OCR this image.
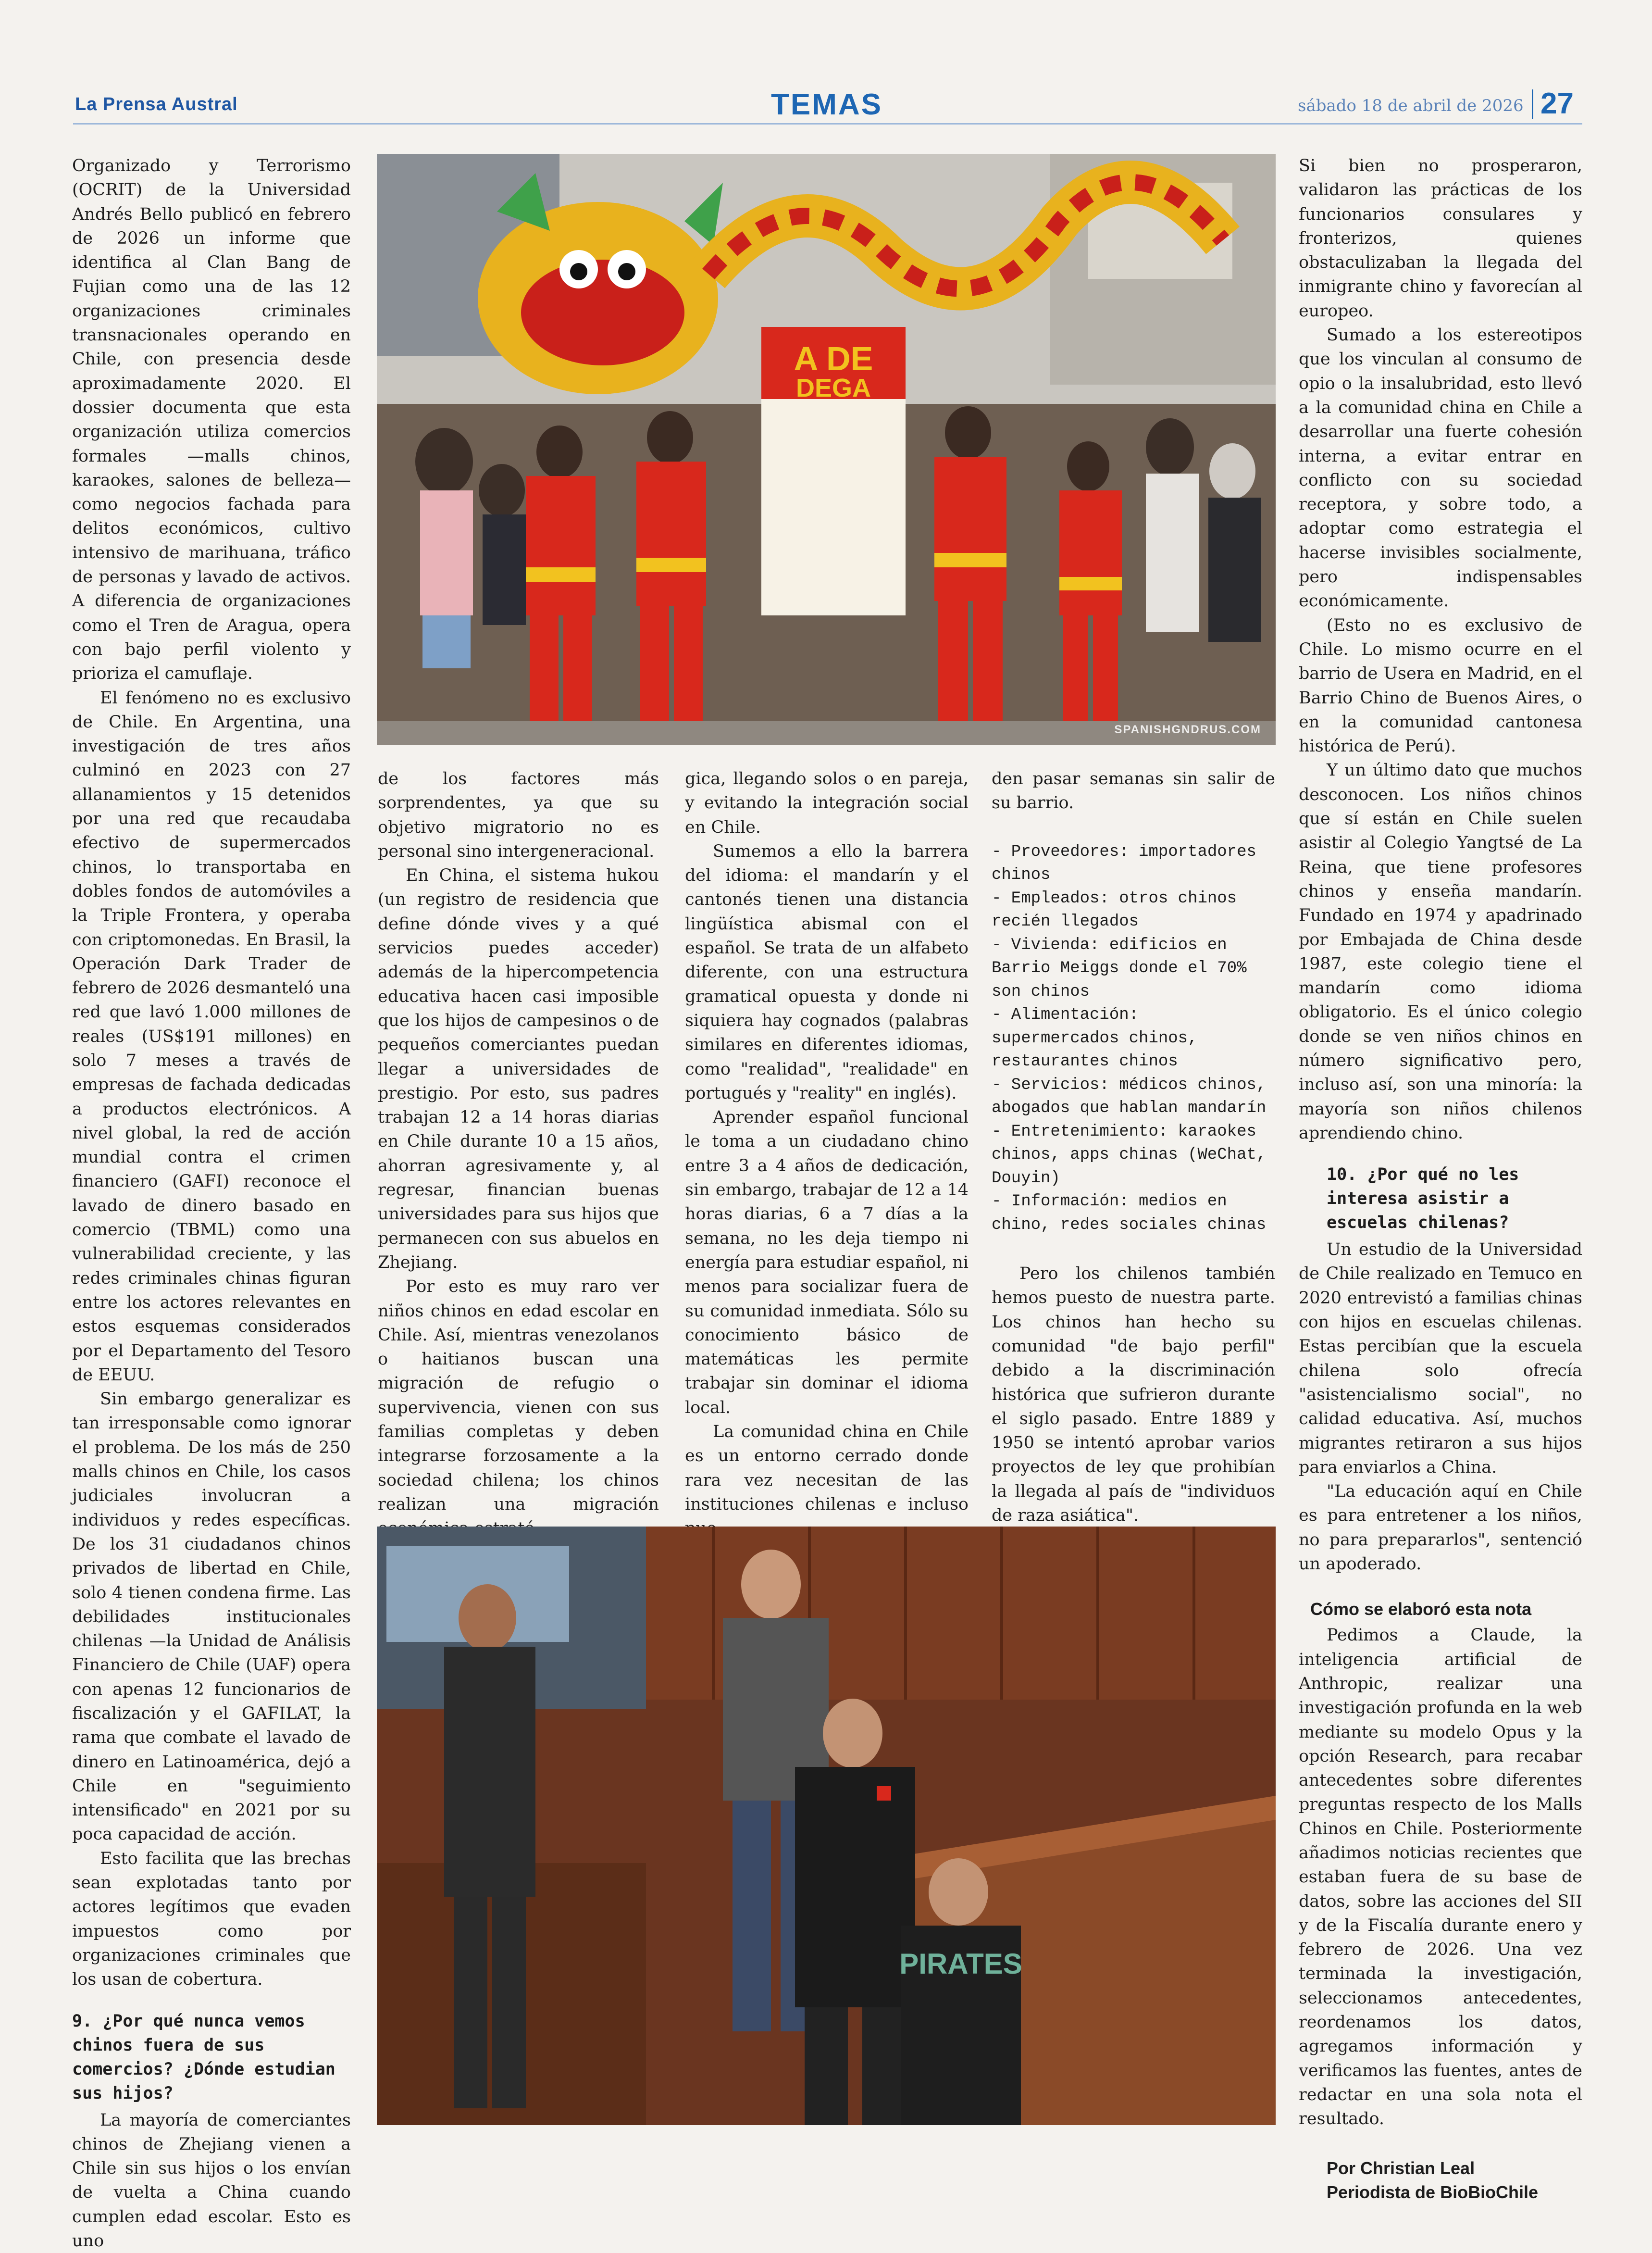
La Prensa Austral	TEMAS	sábado 18 de abril de 2026 27

Organizado y Terrorismo (OCRIT) de la Universidad Andrés Bello publicó en febrero de 2026 un informe que identifica al Clan Bang de Fujian como una de las 12 organizaciones criminales transnacionales operando en Chile, con presencia desde aproximadamente 2020. El dossier documenta que esta organización utiliza comercios formales —malls chinos, karaokes, salones de belleza— como negocios fachada para delitos económicos, cultivo intensivo de marihuana, tráfico de personas y lavado de activos. A diferencia de organizaciones como el Tren de Aragua, opera con bajo perfil violento y prioriza el camuflaje.

El fenómeno no es exclusivo de Chile. En Argentina, una investigación de tres años culminó en 2023 con 27 allanamientos y 15 detenidos por una red que recaudaba efectivo de supermercados chinos, lo transportaba en dobles fondos de automóviles a la Triple Frontera, y operaba con criptomonedas. En Brasil, la Operación Dark Trader de febrero de 2026 desmanteló una red que lavó 1.000 millones de reales (US$191 millones) en solo 7 meses a través de empresas de fachada dedicadas a productos electrónicos. A nivel global, la red de acción mundial contra el crimen financiero (GAFI) reconoce el lavado de dinero basado en comercio (TBML) como una vulnerabilidad creciente, y las redes criminales chinas figuran entre los actores relevantes en estos esquemas considerados por el Departamento del Tesoro de EEUU.

Sin embargo generalizar es tan irresponsable como ignorar el problema. De los más de 250 malls chinos en Chile, los casos judiciales involucran a individuos y redes específicas. De los 31 ciudadanos chinos privados de libertad en Chile, solo 4 tienen condena firme. Las debilidades institucionales chilenas —la Unidad de Análisis Financiero de Chile (UAF) opera con apenas 12 funcionarios de fiscalización y el GAFILAT, la rama que combate el lavado de dinero en Latinoamérica, dejó a Chile en "seguimiento intensificado" en 2021 por su poca capacidad de acción.

Esto facilita que las brechas sean explotadas tanto por actores legítimos que evaden impuestos como por organizaciones criminales que los usan de cobertura.

9. ¿Por qué nunca vemos chinos fuera de sus comercios? ¿Dónde estudian sus hijos?

La mayoría de comerciantes chinos de Zhejiang vienen a Chile sin sus hijos o los envían de vuelta a China cuando cumplen edad escolar. Esto es uno

A DE
DEGA
SPANISHGNDRUS.COM

de los factores más sorprendentes, ya que su objetivo migratorio no es personal sino intergeneracional.

En China, el sistema hukou (un registro de residencia que define dónde vives y a qué servicios puedes acceder) además de la hipercompetencia educativa hacen casi imposible que los hijos de campesinos o de pequeños comerciantes puedan llegar a universidades de prestigio. Por esto, sus padres trabajan 12 a 14 horas diarias en Chile durante 10 a 15 años, ahorran agresivamente y, al regresar, financian buenas universidades para sus hijos que permanecen con sus abuelos en Zhejiang.

Por esto es muy raro ver niños chinos en edad escolar en Chile. Así, mientras venezolanos o haitianos buscan una migración de refugio o supervivencia, vienen con sus familias completas y deben integrarse forzosamente a la sociedad chilena; los chinos realizan una migración

gica, llegando solos o en pareja, y evitando la integración social en Chile.

Sumemos a ello la barrera del idioma: el mandarín y el cantonés tienen una distancia lingüística abismal con el español. Se trata de un alfabeto diferente, con una estructura gramatical opuesta y donde ni siquiera hay cognados (palabras similares en diferentes idiomas, como "realidad", "realidade" en portugués y "reality" en inglés).

Aprender español funcional le toma a un ciudadano chino entre 3 a 4 años de dedicación, sin embargo, trabajar de 12 a 14 horas diarias, 6 a 7 días a la semana, no les deja tiempo ni energía para estudiar español, ni menos para socializar fuera de su comunidad inmediata. Sólo su conocimiento básico de matemáticas les permite trabajar sin dominar el idioma local.

La comunidad china en Chile es un entorno cerrado donde rara vez necesitan de las instituciones chilenas e incluso

den pasar semanas sin salir de su barrio.

- Proveedores: importadores chinos

- Empleados: otros chinos recién llegados

- Vivienda: edificios en Barrio Meiggs donde el 70% son chinos

- Alimentación: supermercados chinos, restaurantes chinos

- Servicios: médicos chinos, abogados que hablan mandarín

- Entretenimiento: karaokes chinos, apps chinas (WeChat, Douyin)

- Información: medios en chino, redes sociales chinas

Pero los chilenos también hemos puesto de nuestra parte. Los chinos han hecho su comunidad "de bajo perfil" debido a la discriminación histórica que sufrieron durante el siglo pasado. Entre 1889 y 1950 se intentó aprobar varios proyectos de ley que prohibían la llegada al país de "individuos de raza asiática".

Si bien no prosperaron, validaron las prácticas de los funcionarios consulares y fronterizos, quienes obstaculizaban la llegada del inmigrante chino y favorecían al europeo.

Sumado a los estereotipos que los vinculan al consumo de opio o la insalubridad, esto llevó a la comunidad china en Chile a desarrollar una fuerte cohesión interna, a evitar entrar en conflicto con su sociedad receptora, y sobre todo, a adoptar como estrategia el hacerse invisibles socialmente, pero indispensables económicamente.

(Esto no es exclusivo de Chile. Lo mismo ocurre en el barrio de Usera en Madrid, en el Barrio Chino de Buenos Aires, o en la comunidad cantonesa histórica de Perú).

Y un último dato que muchos desconocen. Los niños chinos que sí están en Chile suelen asistir al Colegio Yangtsé de La Reina, que tiene profesores chinos y enseña mandarín. Fundado en 1974 y apadrinado por Embajada de China desde 1987, este colegio tiene el mandarín como idioma obligatorio. Es el único colegio donde se ven niños chinos en número significativo pero, incluso así, son una minoría: la mayoría son niños chilenos aprendiendo chino.

10. ¿Por qué no les interesa asistir a escuelas chilenas?

Un estudio de la Universidad de Chile realizado en Temuco en 2020 entrevistó a familias chinas con hijos en escuelas chilenas. Estas percibían que la escuela chilena solo ofrecía "asistencialismo social", no calidad educativa. Así, muchos migrantes retiraron a sus hijos para enviarlos a China.

"La educación aquí en Chile es para entretener a los niños, no para prepararlos", sentenció un apoderado.

Cómo se elaboró esta nota

Pedimos a Claude, la inteligencia artificial de Anthropic, realizar una investigación profunda en la web mediante su modelo Opus y la opción Research, para recabar antecedentes sobre diferentes preguntas respecto de los Malls Chinos en Chile. Posteriormente añadimos noticias recientes que estaban fuera de su base de datos, sobre las acciones del SII y de la Fiscalía durante enero y febrero de 2026. Una vez terminada la investigación, seleccionamos antecedentes, reordenamos los datos, agregamos información y verificamos las fuentes, antes de redactar en una sola nota el resultado.

Por Christian Leal
Periodista de BioBioChile
PIRATES
